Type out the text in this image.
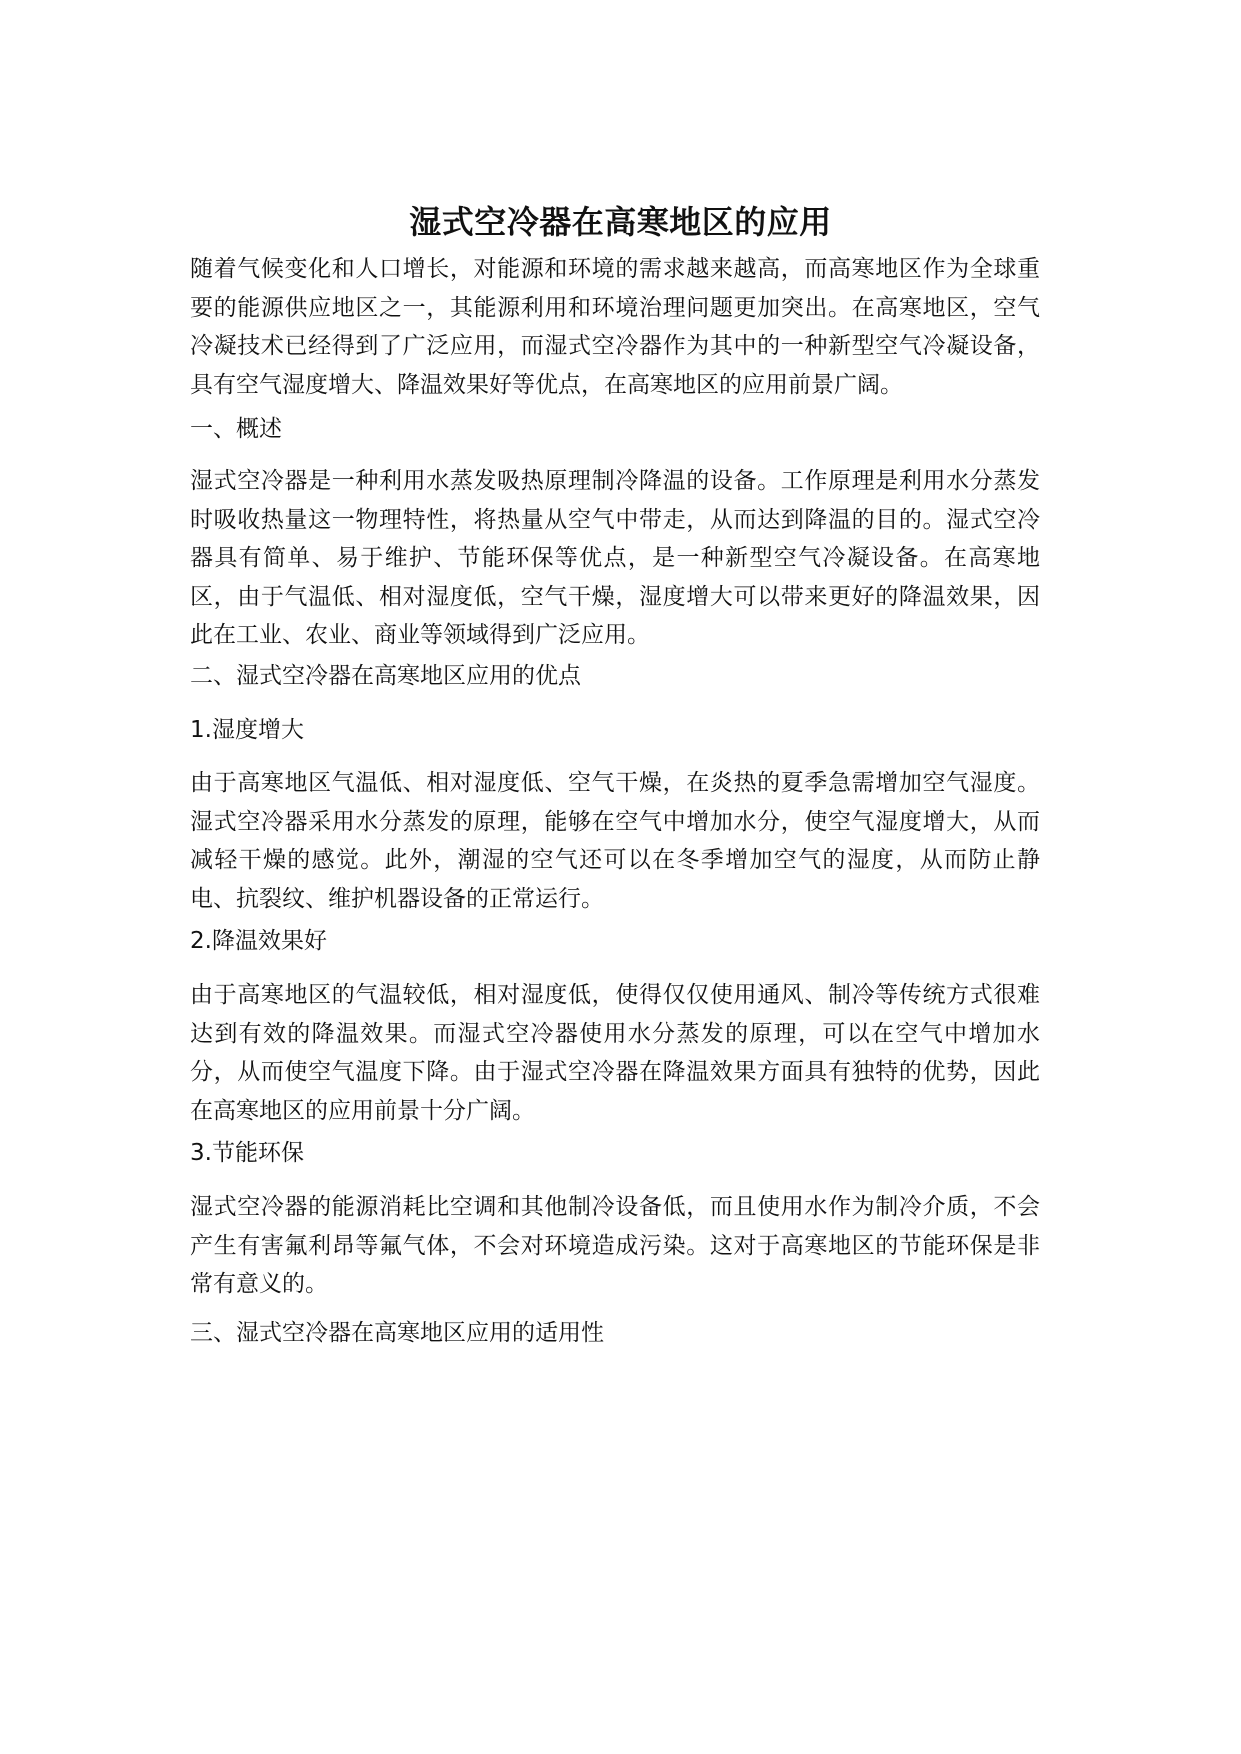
湿式空冷器在高寒地区的应用

随着气候变化和人口增长，对能源和环境的需求越来越高，而高寒地区作为全球重要的能源供应地区之一，其能源利用和环境治理问题更加突出。在高寒地区，空气冷凝技术已经得到了广泛应用，而湿式空冷器作为其中的一种新型空气冷凝设备，具有空气湿度增大、降温效果好等优点，在高寒地区的应用前景广阔。

一、概述

湿式空冷器是一种利用水蒸发吸热原理制冷降温的设备。工作原理是利用水分蒸发时吸收热量这一物理特性，将热量从空气中带走，从而达到降温的目的。湿式空冷器具有简单、易于维护、节能环保等优点，是一种新型空气冷凝设备。在高寒地区，由于气温低、相对湿度低，空气干燥，湿度增大可以带来更好的降温效果，因此在工业、农业、商业等领域得到广泛应用。

二、湿式空冷器在高寒地区应用的优点

1.湿度增大

由于高寒地区气温低、相对湿度低、空气干燥，在炎热的夏季急需增加空气湿度。湿式空冷器采用水分蒸发的原理，能够在空气中增加水分，使空气湿度增大，从而减轻干燥的感觉。此外，潮湿的空气还可以在冬季增加空气的湿度，从而防止静电、抗裂纹、维护机器设备的正常运行。

2.降温效果好

由于高寒地区的气温较低，相对湿度低，使得仅仅使用通风、制冷等传统方式很难达到有效的降温效果。而湿式空冷器使用水分蒸发的原理，可以在空气中增加水分，从而使空气温度下降。由于湿式空冷器在降温效果方面具有独特的优势，因此在高寒地区的应用前景十分广阔。

3.节能环保

湿式空冷器的能源消耗比空调和其他制冷设备低，而且使用水作为制冷介质，不会产生有害氟利昂等氟气体，不会对环境造成污染。这对于高寒地区的节能环保是非常有意义的。

三、湿式空冷器在高寒地区应用的适用性
